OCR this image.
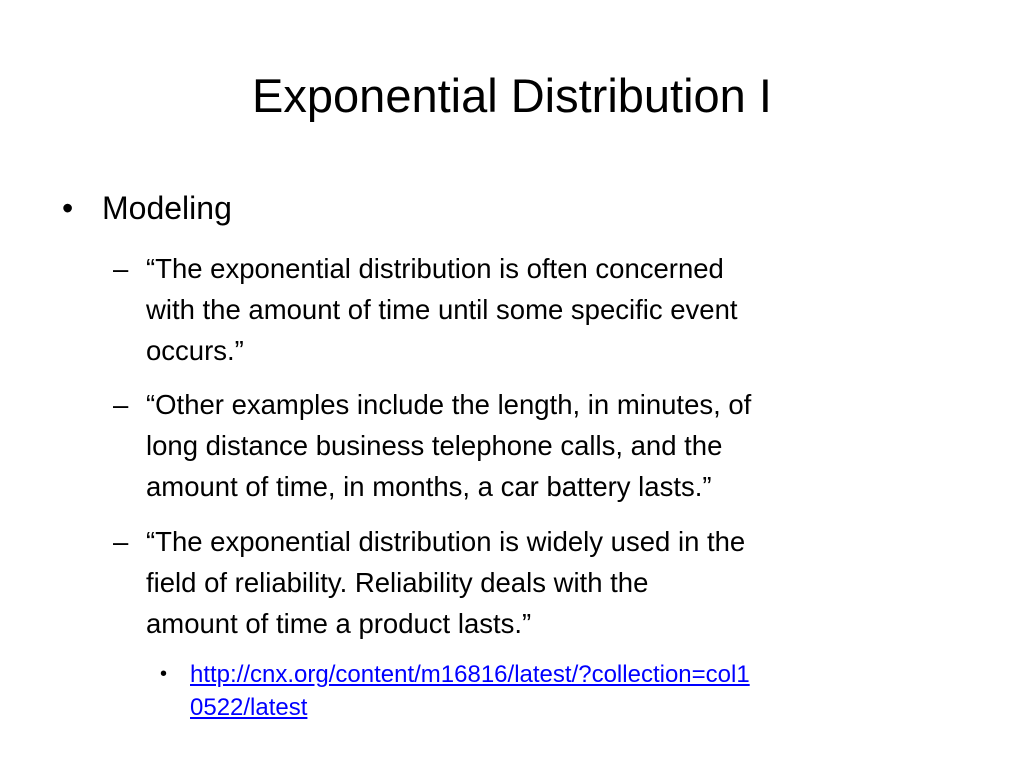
Exponential Distribution I
• Modeling
– “The exponential distribution is often concerned
with the amount of time until some specific event
occurs.”
– “Other examples include the length, in minutes, of
long distance business telephone calls, and the
amount of time, in months, a car battery lasts.”
– “The exponential distribution is widely used in the
field of reliability. Reliability deals with the
amount of time a product lasts.”
• http://cnx.org/content/m16816/latest/?collection=col1
0522/latest
